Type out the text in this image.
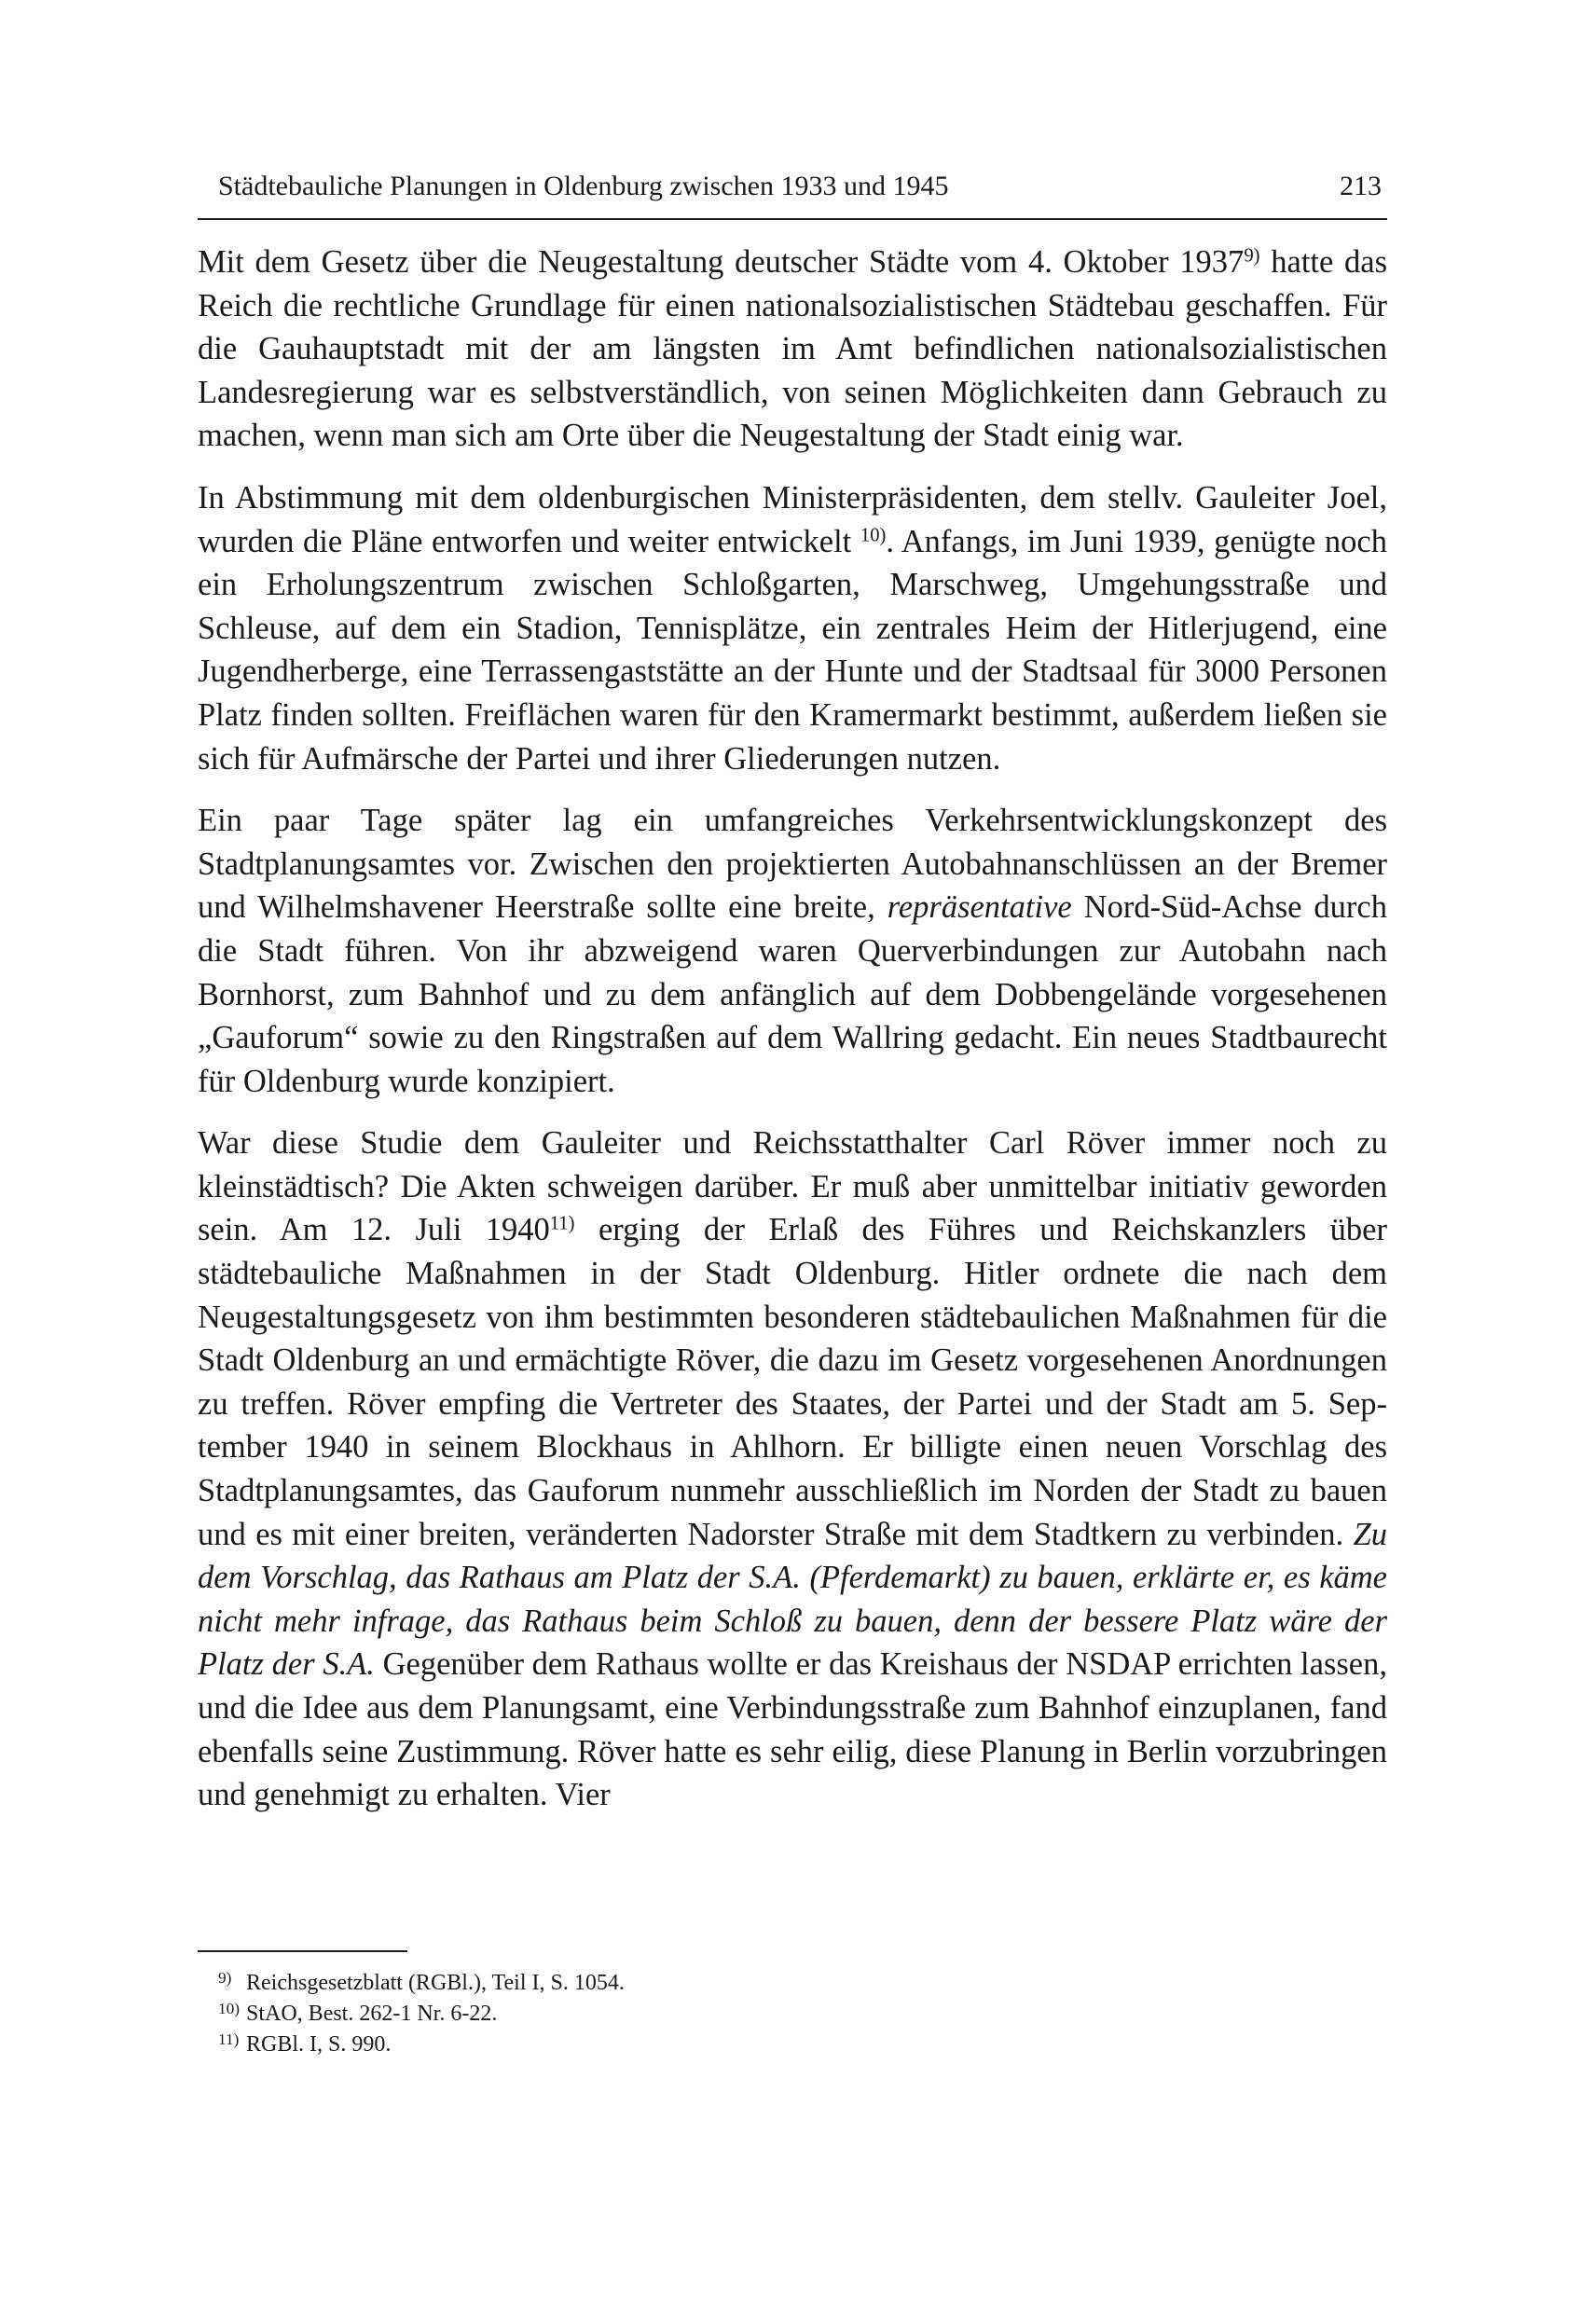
Städtebauliche Planungen in Oldenburg zwischen 1933 und 1945	213

Mit dem Gesetz über die Neugestaltung deutscher Städte vom 4. Oktober 1937$^{9)}$ hatte das Reich die rechtliche Grundlage für einen nationalsozialistischen Städtebau geschaffen. Für die Gauhauptstadt mit der am längsten im Amt befindlichen nationalsozialistischen Landesregierung war es selbstverständlich, von seinen Möglichkeiten dann Gebrauch zu machen, wenn man sich am Orte über die Neugestaltung der Stadt einig war.

In Abstimmung mit dem oldenburgischen Ministerpräsidenten, dem stellv. Gauleiter Joel, wurden die Pläne entworfen und weiter entwickelt $^{10)}$. Anfangs, im Juni 1939, genügte noch ein Erholungszentrum zwischen Schloßgarten, Marschweg, Umgehungsstraße und Schleuse, auf dem ein Stadion, Tennisplätze, ein zentrales Heim der Hitlerjugend, eine Jugendherberge, eine Terrassengaststätte an der Hunte und der Stadtsaal für 3000 Personen Platz finden sollten. Freiflächen waren für den Kramermarkt bestimmt, außerdem ließen sie sich für Aufmärsche der Partei und ihrer Gliederungen nutzen.

Ein paar Tage später lag ein umfangreiches Verkehrsentwicklungskonzept des Stadtplanungsamtes vor. Zwischen den projektierten Autobahnanschlüssen an der Bremer und Wilhelmshavener Heerstraße sollte eine breite, repräsentative Nord-Süd-Achse durch die Stadt führen. Von ihr abzweigend waren Querverbindungen zur Autobahn nach Bornhorst, zum Bahnhof und zu dem anfänglich auf dem Dobbengelände vorgesehenen „Gauforum“ sowie zu den Ringstraßen auf dem Wallring gedacht. Ein neues Stadtbaurecht für Oldenburg wurde konzipiert.

War diese Studie dem Gauleiter und Reichsstatthalter Carl Röver immer noch zu kleinstädtisch? Die Akten schweigen darüber. Er muß aber unmittelbar initiativ geworden sein. Am 12. Juli 1940$^{11)}$ erging der Erlaß des Führes und Reichskanzlers über städtebauliche Maßnahmen in der Stadt Oldenburg. Hitler ordnete die nach dem Neugestaltungsgesetz von ihm bestimmten besonderen städtebaulichen Maßnahmen für die Stadt Oldenburg an und ermächtigte Röver, die dazu im Gesetz vorgesehenen Anordnungen zu treffen. Röver empfing die Vertreter des Staates, der Partei und der Stadt am 5. September 1940 in seinem Blockhaus in Ahlhorn. Er billigte einen neuen Vorschlag des Stadtplanungsamtes, das Gauforum nunmehr ausschließlich im Norden der Stadt zu bauen und es mit einer breiten, veränderten Nadorster Straße mit dem Stadtkern zu verbinden. Zu dem Vorschlag, das Rathaus am Platz der S.A. (Pferdemarkt) zu bauen, erklärte er, es käme nicht mehr infrage, das Rathaus beim Schloß zu bauen, denn der bessere Platz wäre der Platz der S.A. Gegenüber dem Rathaus wollte er das Kreishaus der NSDAP errichten lassen, und die Idee aus dem Planungsamt, eine Verbindungsstraße zum Bahnhof einzuplanen, fand ebenfalls seine Zustimmung. Röver hatte es sehr eilig, diese Planung in Berlin vorzubringen und genehmigt zu erhalten. Vier

9) Reichsgesetzblatt (RGBl.), Teil I, S. 1054.
10) StAO, Best. 262-1 Nr. 6-22.
11) RGBl. I, S. 990.
